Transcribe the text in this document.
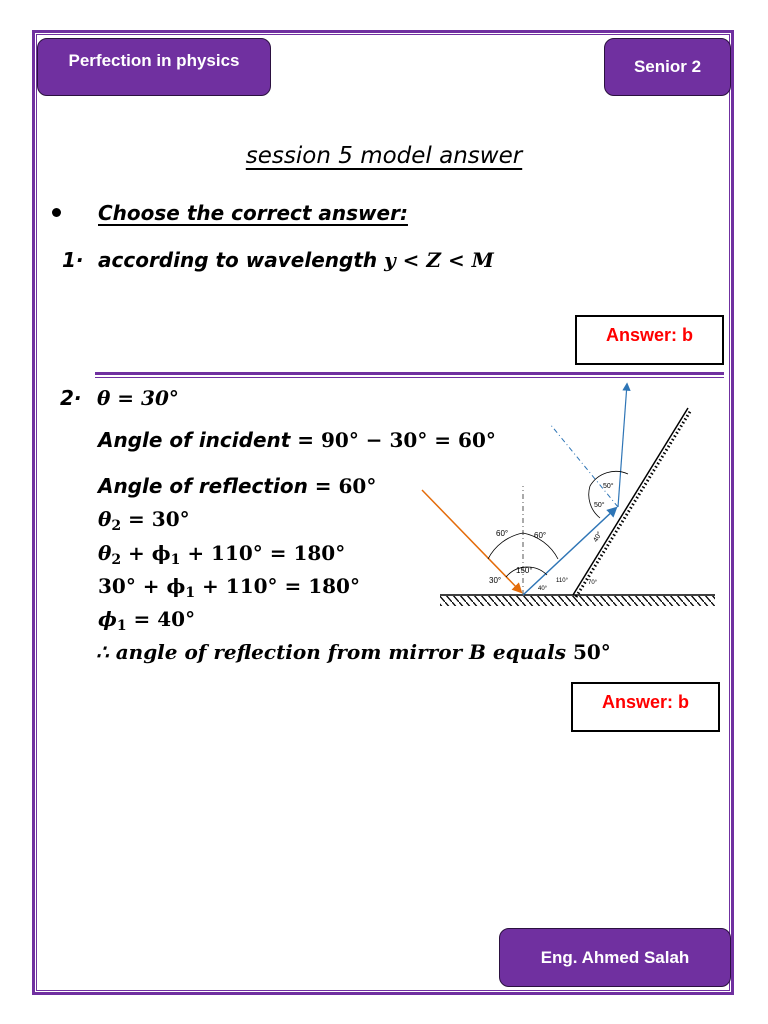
Perfection in physics	Senior 2
session 5 model answer
Choose the correct answer:
1· according to wavelength y < Z < M
Answer: b
2· θ = 30°
Angle of incident = 90° − 30° = 60°
Angle of reflection = 60°
$\theta_2 = 30^\circ$
$\theta_2 + \phi_1 + 110^\circ = 180^\circ$
$30^\circ + \phi_1 + 110^\circ = 180^\circ$
$\phi_1 = 40^\circ$
∴ angle of reflection from mirror B equals 50°
Answer: b
60°	60°
30°
150°
40°
110°	70°
50°
50°
40°
Eng. Ahmed Salah
